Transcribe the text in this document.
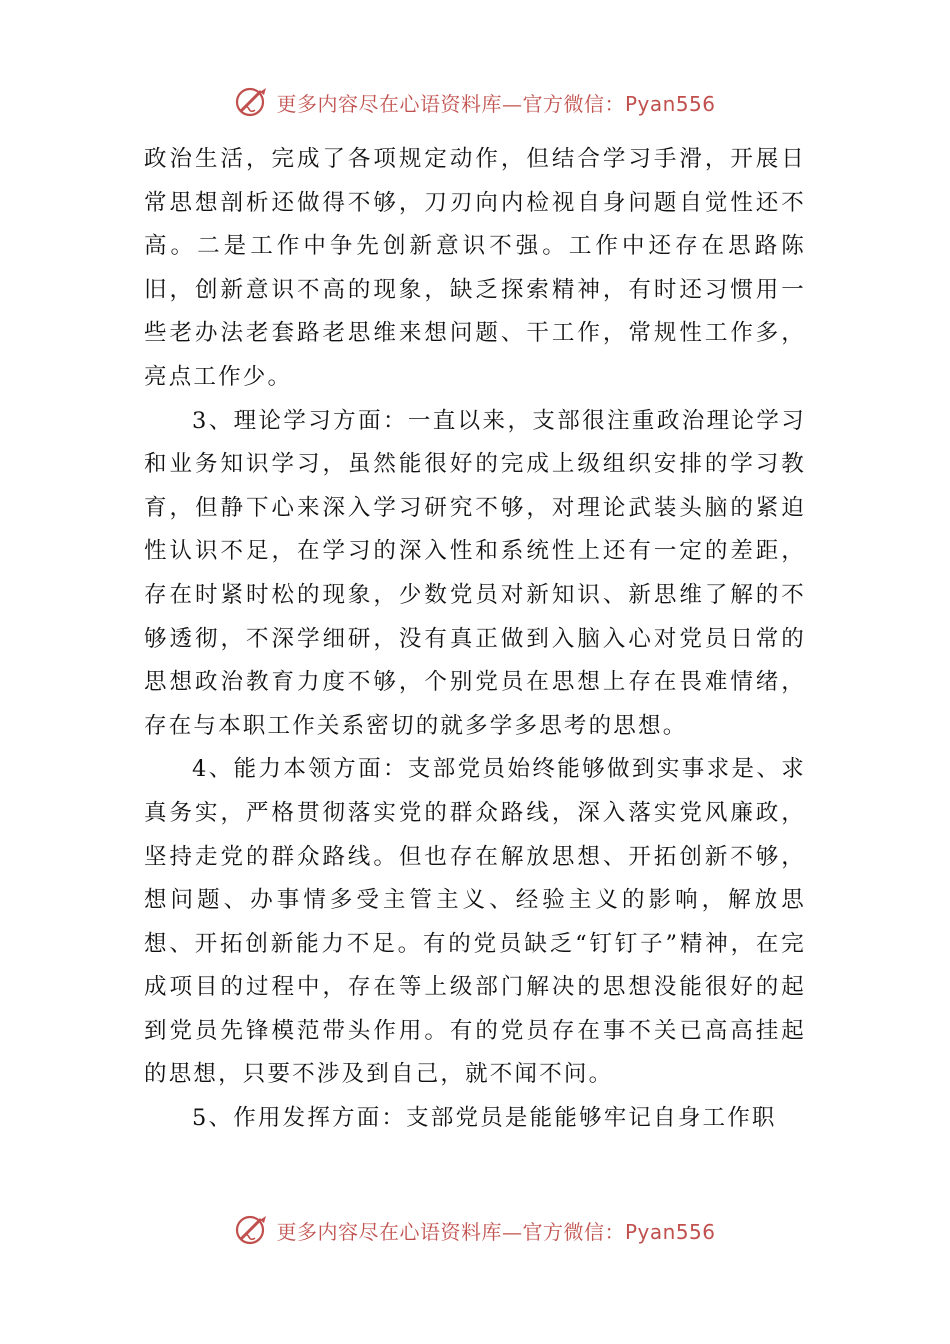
更多内容尽在心语资料库—官方微信：Pyan556

政治生活，完成了各项规定动作，但结合学习手滑，开展日常思想剖析还做得不够，刀刃向内检视自身问题自觉性还不高。二是工作中争先创新意识不强。工作中还存在思路陈旧，创新意识不高的现象，缺乏探索精神，有时还习惯用一些老办法老套路老思维来想问题、干工作，常规性工作多，亮点工作少。

3、理论学习方面：一直以来，支部很注重政治理论学习和业务知识学习，虽然能很好的完成上级组织安排的学习教育，但静下心来深入学习研究不够，对理论武装头脑的紧迫性认识不足，在学习的深入性和系统性上还有一定的差距，存在时紧时松的现象，少数党员对新知识、新思维了解的不够透彻，不深学细研，没有真正做到入脑入心对党员日常的思想政治教育力度不够，个别党员在思想上存在畏难情绪，存在与本职工作关系密切的就多学多思考的思想。

4、能力本领方面：支部党员始终能够做到实事求是、求真务实，严格贯彻落实党的群众路线，深入落实党风廉政，坚持走党的群众路线。但也存在解放思想、开拓创新不够，想问题、办事情多受主管主义、经验主义的影响，解放思想、开拓创新能力不足。有的党员缺乏“钉钉子”精神，在完成项目的过程中，存在等上级部门解决的思想没能很好的起到党员先锋模范带头作用。有的党员存在事不关已高高挂起的思想，只要不涉及到自己，就不闻不问。

5、作用发挥方面：支部党员是能能够牢记自身工作职

更多内容尽在心语资料库—官方微信：Pyan556
